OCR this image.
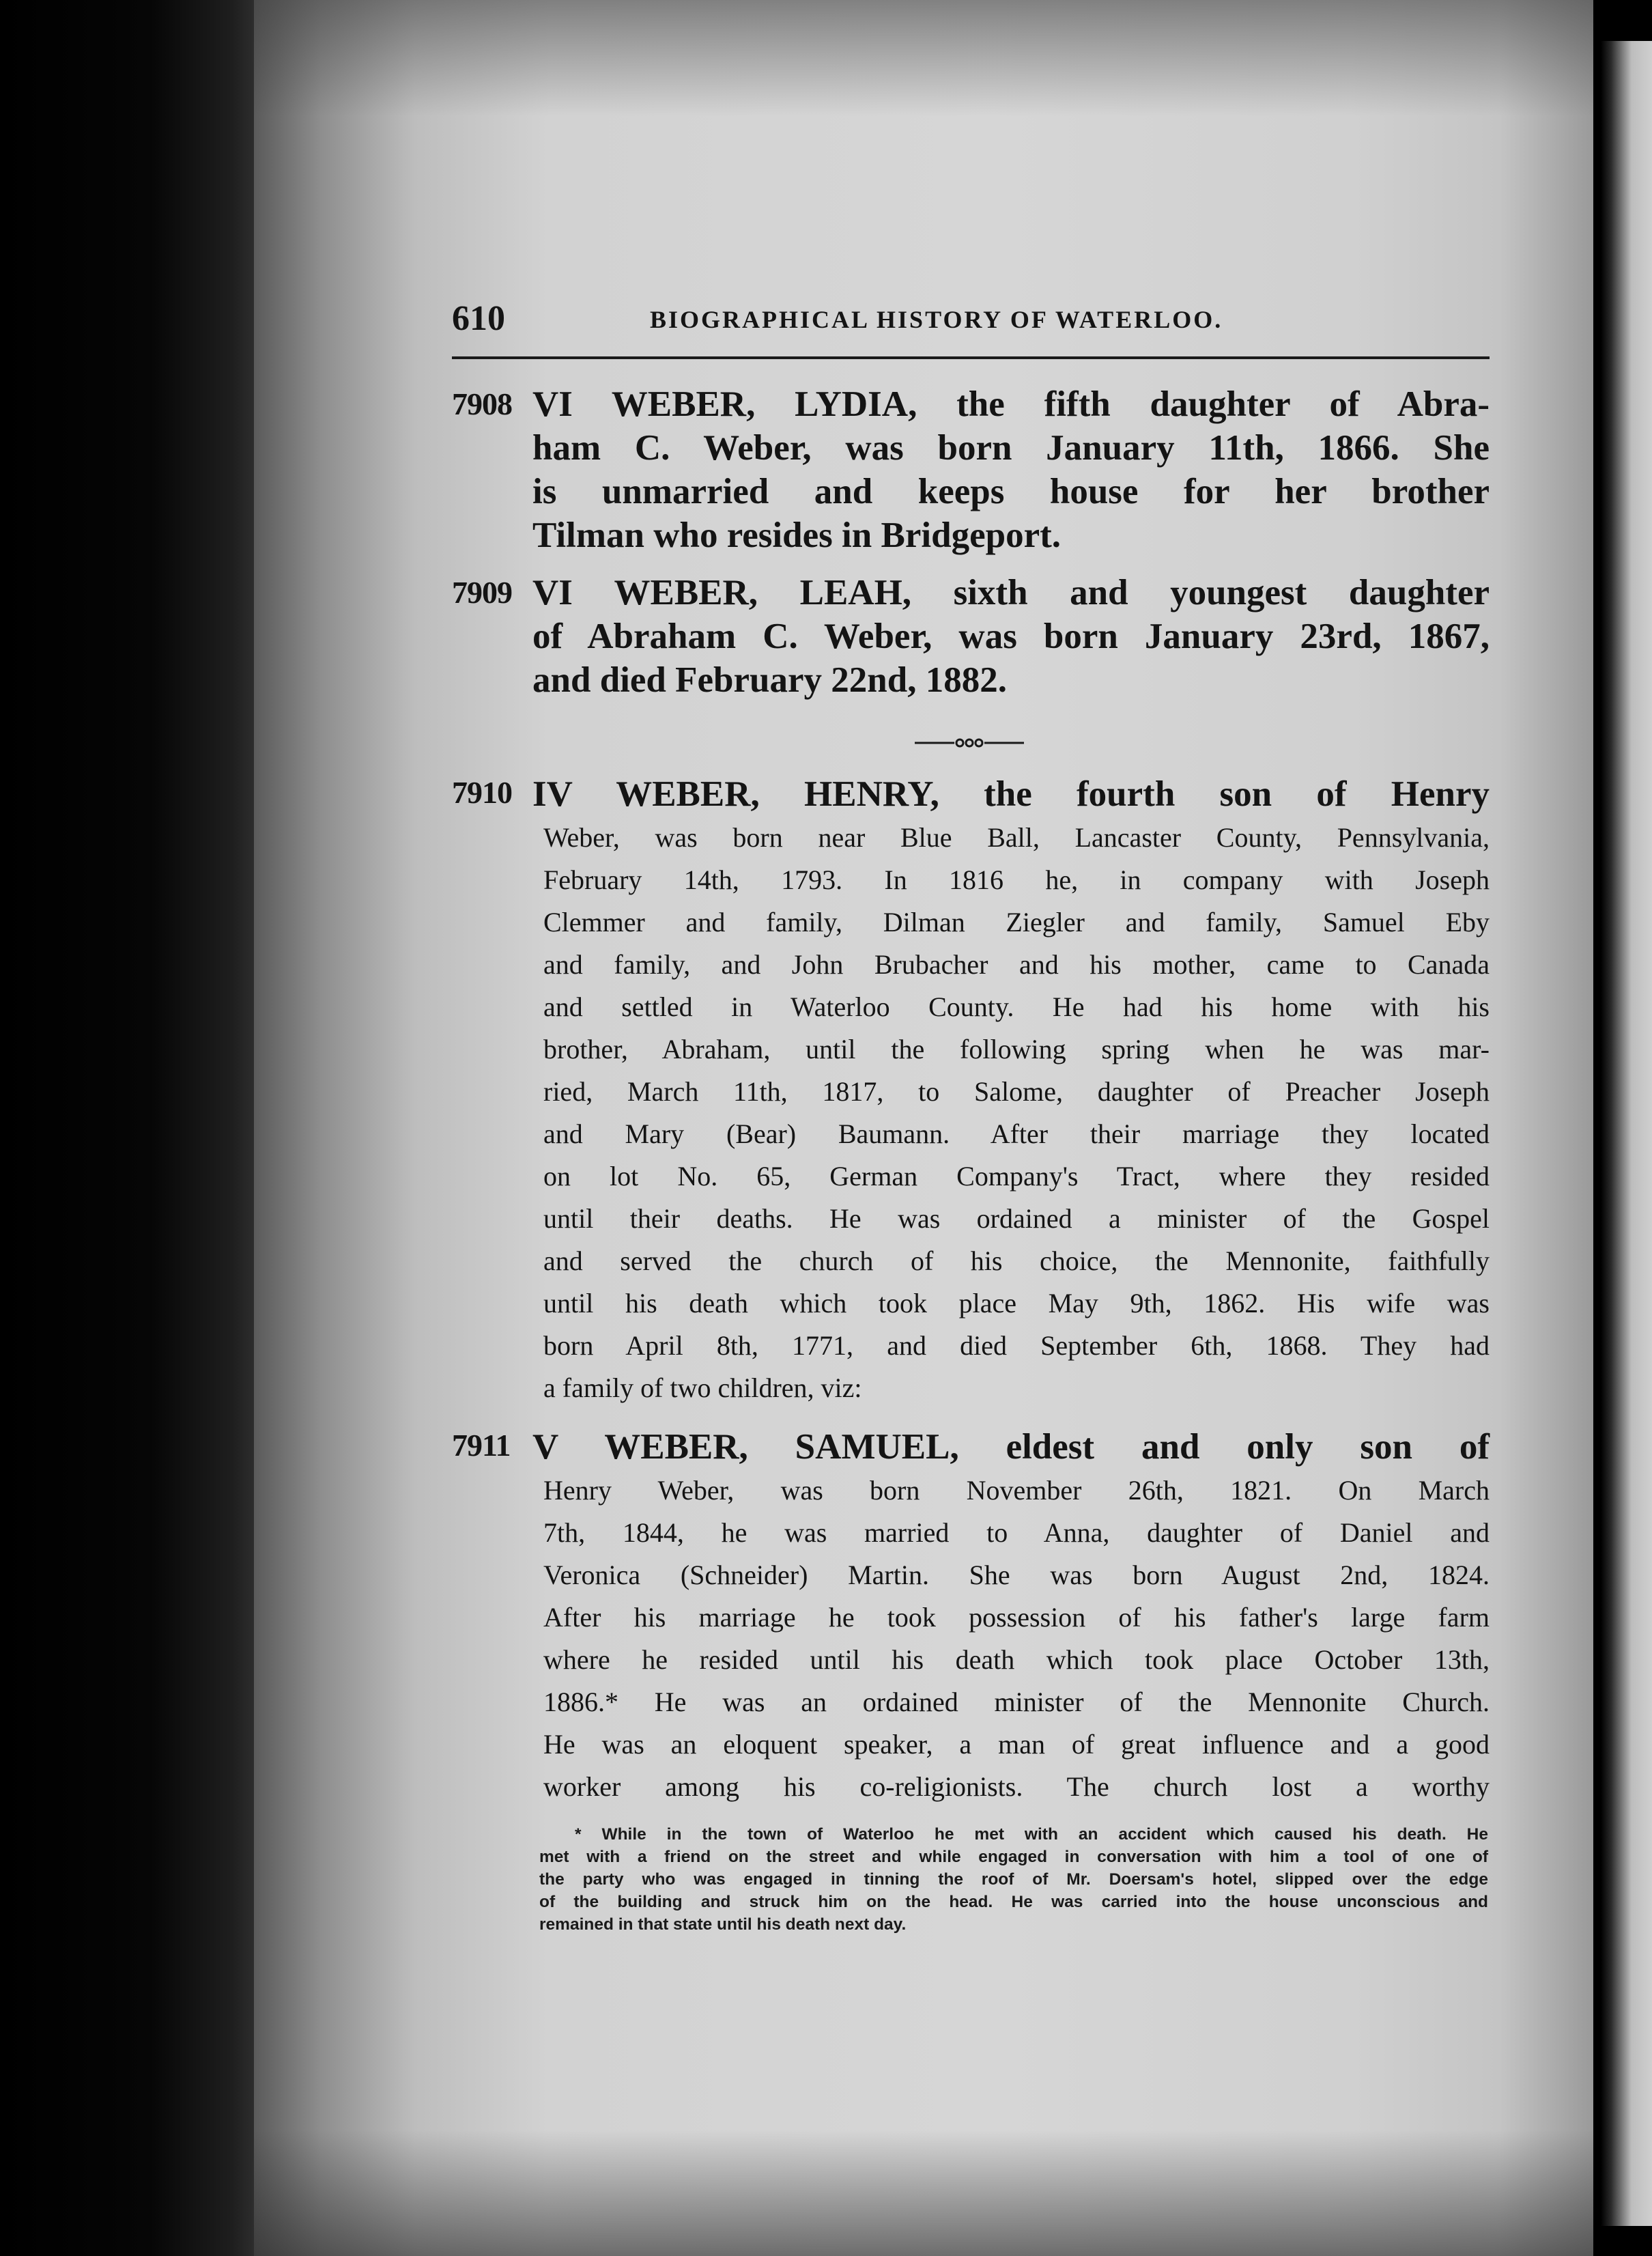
610	BIOGRAPHICAL HISTORY OF WATERLOO.
7908 VI WEBER, LYDIA, the fifth daughter of Abra-
ham C. Weber, was born January 11th, 1866. She
is unmarried and keeps house for her brother
Tilman who resides in Bridgeport.
7909 VI WEBER, LEAH, sixth and youngest daughter
of Abraham C. Weber, was born January 23rd, 1867,
and died February 22nd, 1882.
7910 IV WEBER, HENRY, the fourth son of Henry
Weber, was born near Blue Ball, Lancaster County, Pennsylvania,
February 14th, 1793. In 1816 he, in company with Joseph
Clemmer and family, Dilman Ziegler and family, Samuel Eby
and family, and John Brubacher and his mother, came to Canada
and settled in Waterloo County. He had his home with his
brother, Abraham, until the following spring when he was mar-
ried, March 11th, 1817, to Salome, daughter of Preacher Joseph
and Mary (Bear) Baumann. After their marriage they located
on lot No. 65, German Company's Tract, where they resided
until their deaths. He was ordained a minister of the Gospel
and served the church of his choice, the Mennonite, faithfully
until his death which took place May 9th, 1862. His wife was
born April 8th, 1771, and died September 6th, 1868. They had
a family of two children, viz:
7911 V WEBER, SAMUEL, eldest and only son of
Henry Weber, was born November 26th, 1821. On March
7th, 1844, he was married to Anna, daughter of Daniel and
Veronica (Schneider) Martin. She was born August 2nd, 1824.
After his marriage he took possession of his father's large farm
where he resided until his death which took place October 13th,
1886.* He was an ordained minister of the Mennonite Church.
He was an eloquent speaker, a man of great influence and a good
worker among his co-religionists. The church lost a worthy
* While in the town of Waterloo he met with an accident which caused his death. He
met with a friend on the street and while engaged in conversation with him a tool of one of
the party who was engaged in tinning the roof of Mr. Doersam's hotel, slipped over the edge
of the building and struck him on the head. He was carried into the house unconscious and
remained in that state until his death next day.
